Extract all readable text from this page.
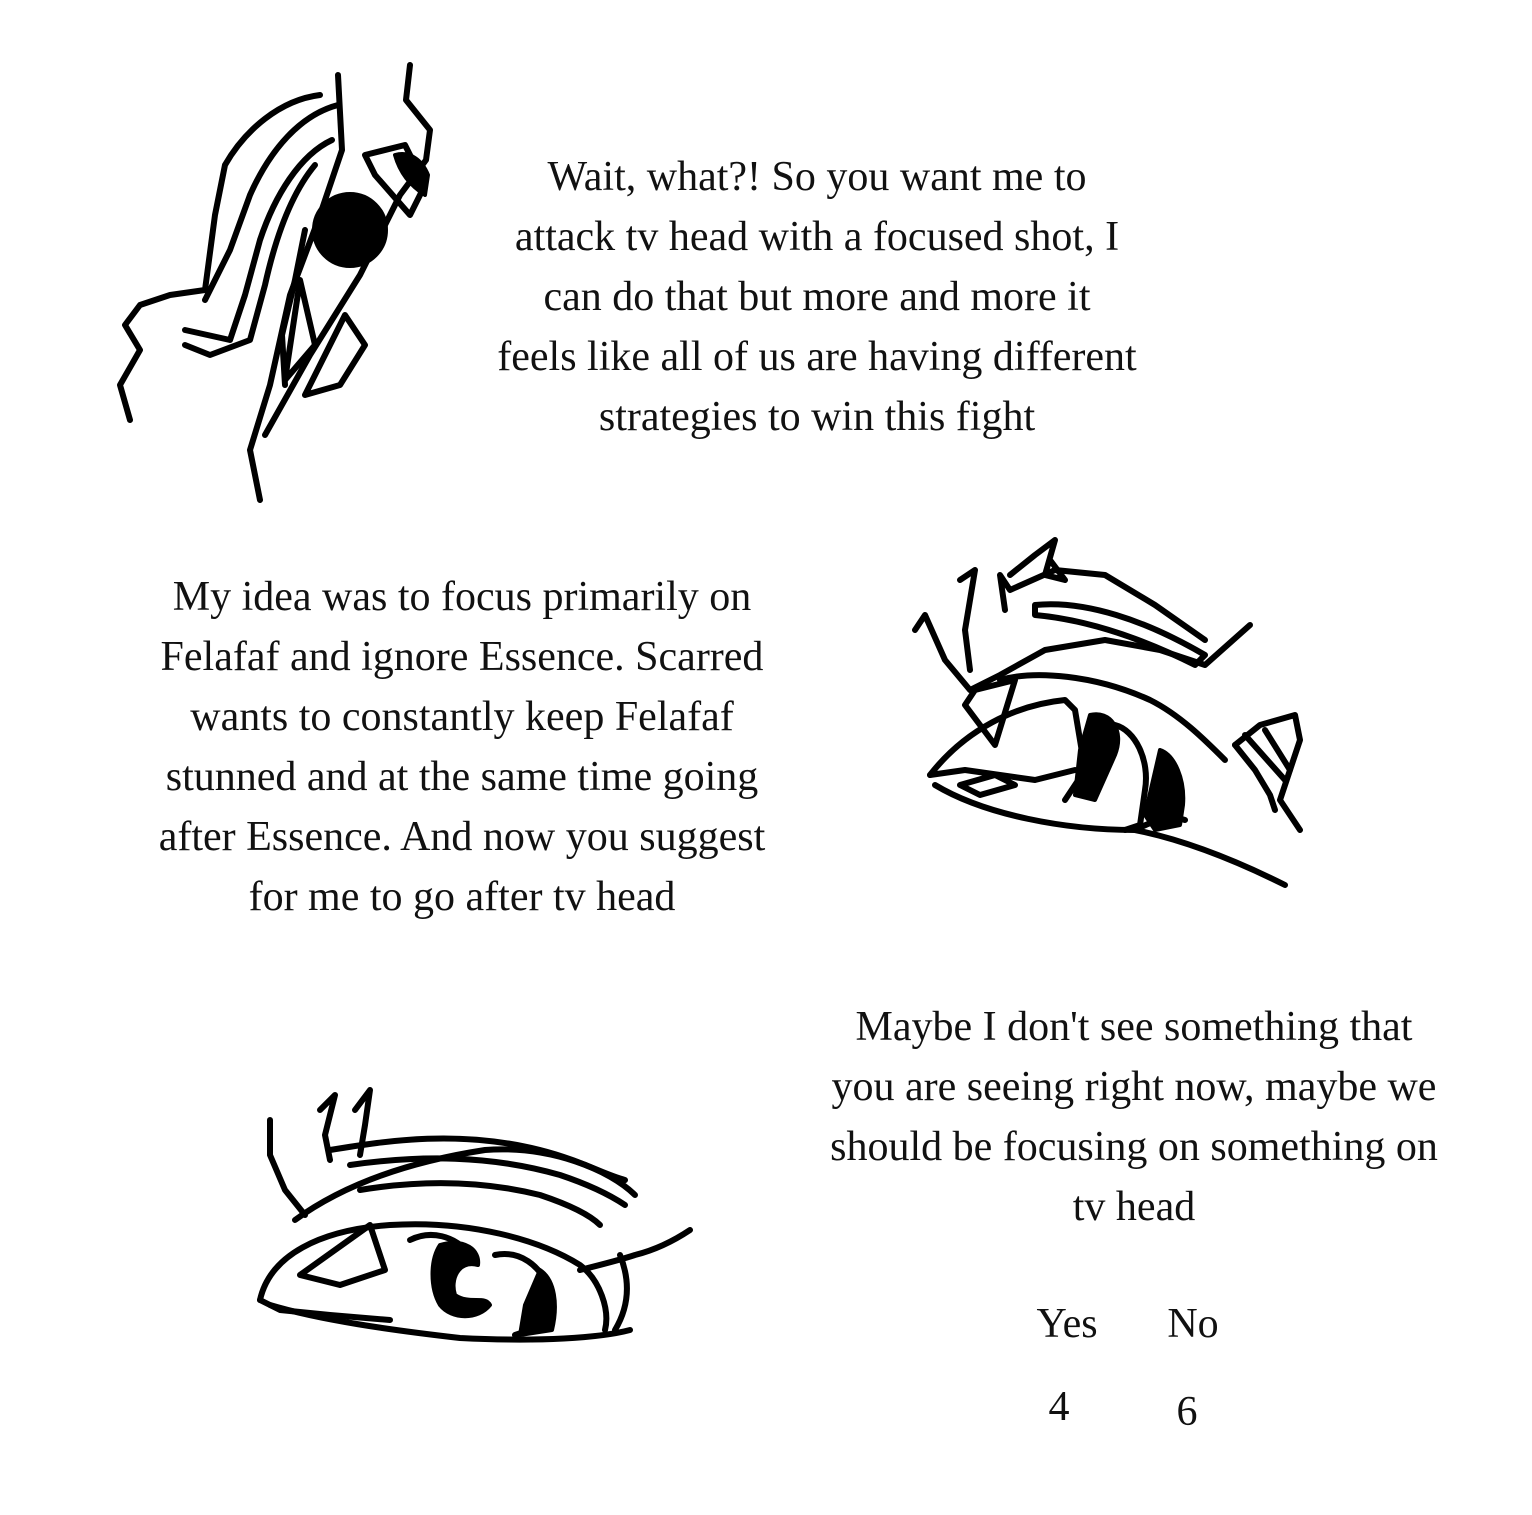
Wait, what?! So you want me to
attack tv head with a focused shot, I
can do that but more and more it
feels like all of us are having different
strategies to win this fight
My idea was to focus primarily on
Felafaf and ignore Essence. Scarred
wants to constantly keep Felafaf
stunned and at the same time going
after Essence. And now you suggest
for me to go after tv head
Maybe I don't see something that
you are seeing right now, maybe we
should be focusing on something on
tv head
Yes	No
4	6
